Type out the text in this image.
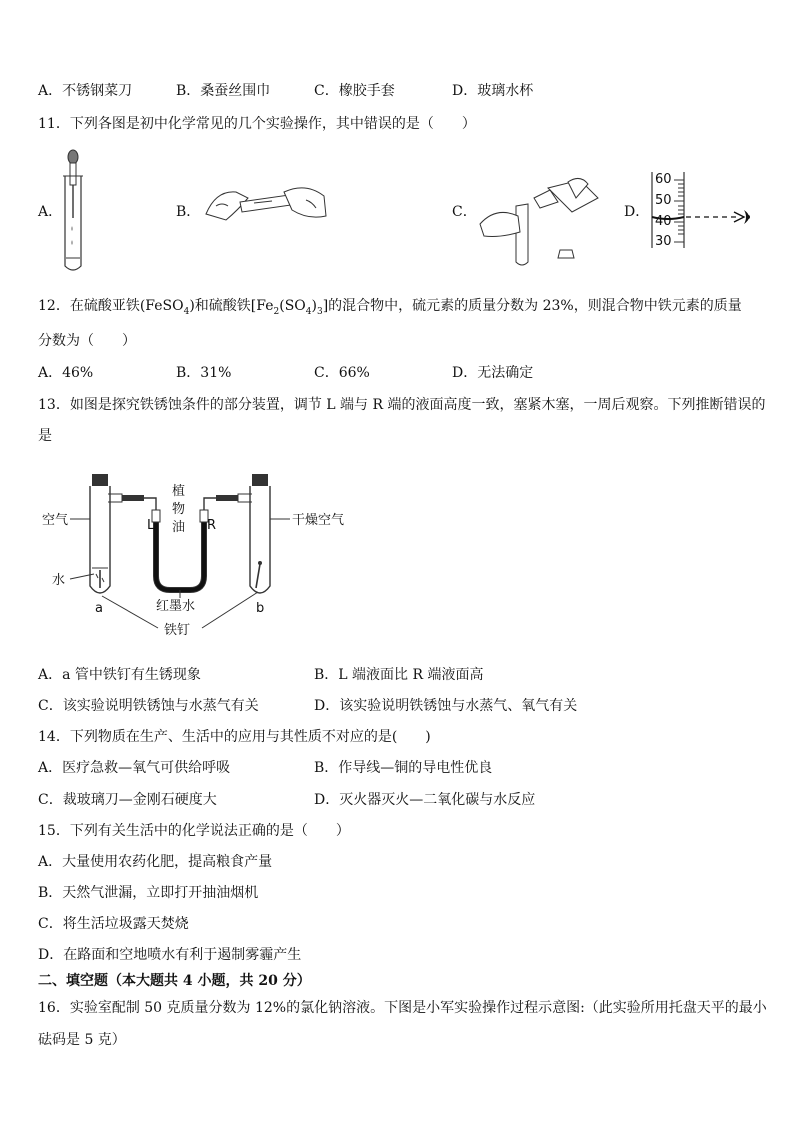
A．不锈钢菜刀	B．桑蚕丝围巾	C．橡胶手套	D．玻璃水杯
11．下列各图是初中化学常见的几个实验操作，其中错误的是（　　）
A．	B．	C．	D．
60
50
40
30
12．在硫酸亚铁(FeSO$_4$)和硫酸铁$[Fe_2(SO_4)_3]$的混合物中，硫元素的质量分数为 23%，则混合物中铁元素的质量
分数为（　　）
A．46%	B．31%	C．66%	D．无法确定
13．如图是探究铁锈蚀条件的部分装置，调节 L 端与 R 端的液面高度一致，塞紧木塞，一周后观察。下列推断错误的
是
空气
水
植
物
油
L	R	干燥空气
红墨水
a	b
铁钉
A．a 管中铁钉有生锈现象	B．L 端液面比 R 端液面高
C．该实验说明铁锈蚀与水蒸气有关	D．该实验说明铁锈蚀与水蒸气、氧气有关
14．下列物质在生产、生活中的应用与其性质不对应的是(　　)
A．医疗急救—氧气可供给呼吸	B．作导线—铜的导电性优良
C．裁玻璃刀—金刚石硬度大	D．灭火器灭火—二氧化碳与水反应
15．下列有关生活中的化学说法正确的是（　　）
A．大量使用农药化肥，提高粮食产量
B．天然气泄漏，立即打开抽油烟机
C．将生活垃圾露天焚烧
D．在路面和空地喷水有利于遏制雾霾产生
二、填空题（本大题共 4 小题，共 20 分）
16．实验室配制 50 克质量分数为 12%的氯化钠溶液。下图是小军实验操作过程示意图:（此实验所用托盘天平的最小
砝码是 5 克）
